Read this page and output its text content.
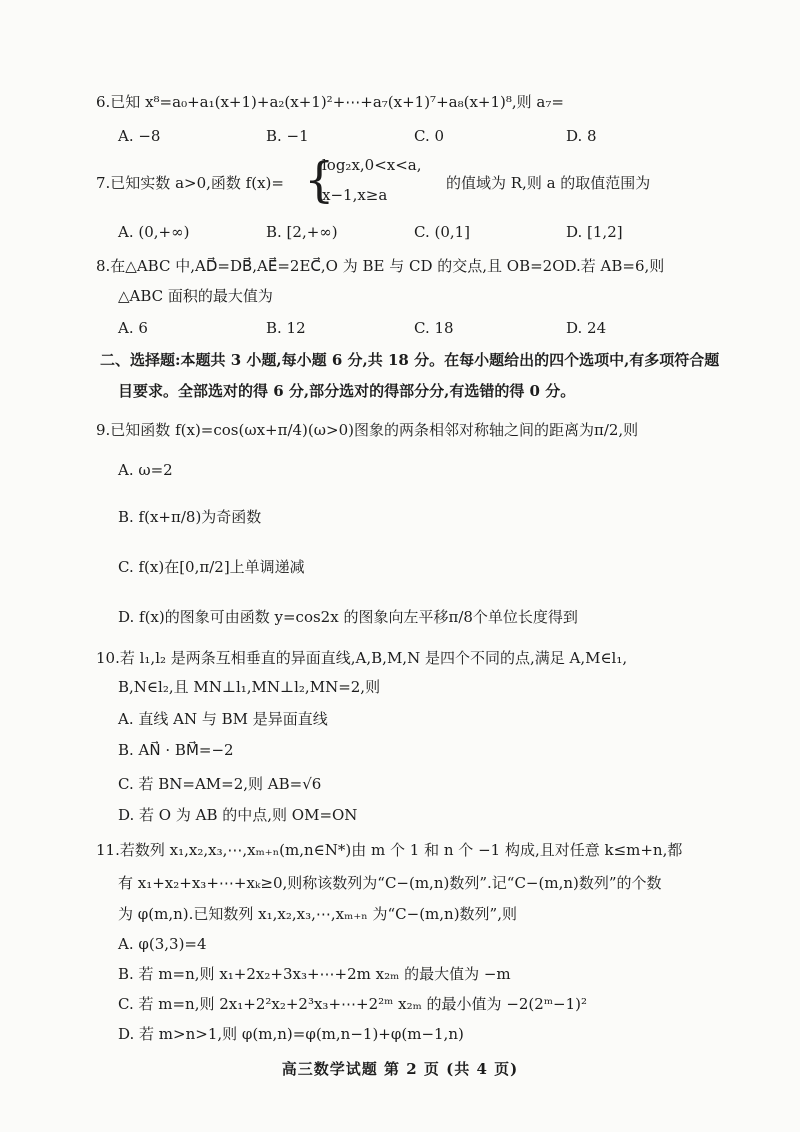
6.已知 x⁸=a₀+a₁(x+1)+a₂(x+1)²+⋯+a₇(x+1)⁷+a₈(x+1)⁸,则 a₇=
A. −8	B. −1	C. 0	D. 8
7.已知实数 a>0,函数 f(x)= {
log₂x,0<x<a,
x−1,x≥a
的值域为 R,则 a 的取值范围为
A. (0,+∞)	B. [2,+∞)	C. (0,1]	D. [1,2]
8.在△ABC 中,AD⃗=DB⃗,AE⃗=2EC⃗,O 为 BE 与 CD 的交点,且 OB=2OD.若 AB=6,则
△ABC 面积的最大值为
A. 6	B. 12	C. 18	D. 24
二、选择题:本题共 3 小题,每小题 6 分,共 18 分。在每小题给出的四个选项中,有多项符合题
目要求。全部选对的得 6 分,部分选对的得部分分,有选错的得 0 分。
9.已知函数 f(x)=cos(ωx+π/4)(ω>0)图象的两条相邻对称轴之间的距离为π/2,则
A. ω=2
B. f(x+π/8)为奇函数
C. f(x)在[0,π/2]上单调递减
D. f(x)的图象可由函数 y=cos2x 的图象向左平移π/8个单位长度得到
10.若 l₁,l₂ 是两条互相垂直的异面直线,A,B,M,N 是四个不同的点,满足 A,M∈l₁,
B,N∈l₂,且 MN⊥l₁,MN⊥l₂,MN=2,则
A. 直线 AN 与 BM 是异面直线
B. AN⃗ · BM⃗=−2
C. 若 BN=AM=2,则 AB=√6
D. 若 O 为 AB 的中点,则 OM=ON
11.若数列 x₁,x₂,x₃,⋯,xₘ₊ₙ(m,n∈N*)由 m 个 1 和 n 个 −1 构成,且对任意 k≤m+n,都
有 x₁+x₂+x₃+⋯+xₖ≥0,则称该数列为“C−(m,n)数列”.记“C−(m,n)数列”的个数
为 φ(m,n).已知数列 x₁,x₂,x₃,⋯,xₘ₊ₙ 为“C−(m,n)数列”,则
A. φ(3,3)=4
B. 若 m=n,则 x₁+2x₂+3x₃+⋯+2m x₂ₘ 的最大值为 −m
C. 若 m=n,则 2x₁+2²x₂+2³x₃+⋯+2²ᵐ x₂ₘ 的最小值为 −2(2ᵐ−1)²
D. 若 m>n>1,则 φ(m,n)=φ(m,n−1)+φ(m−1,n)
高三数学试题 第 2 页 (共 4 页)
